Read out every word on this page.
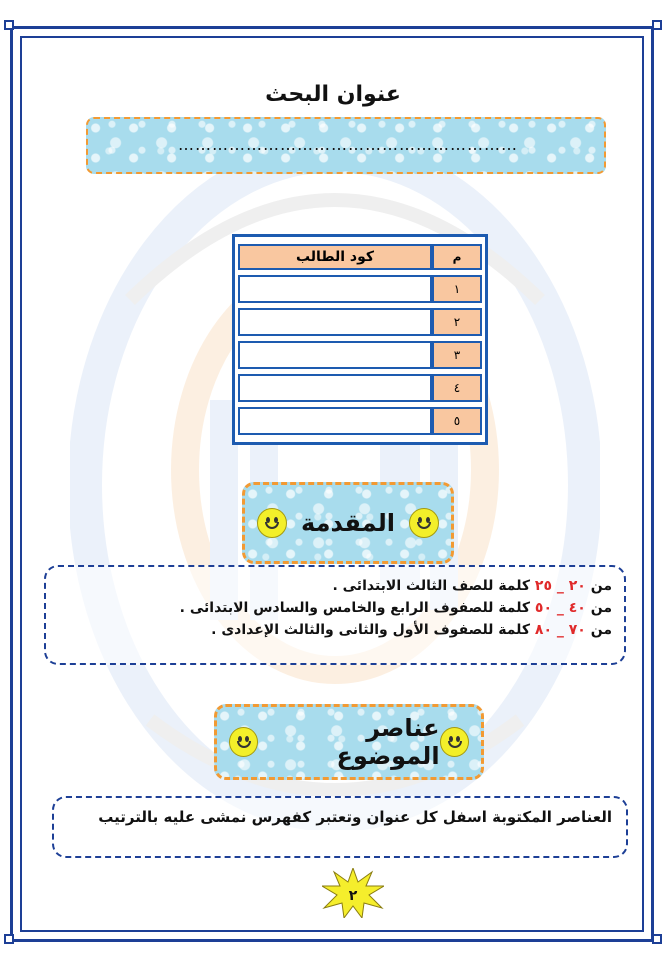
عنوان البحث
……………………………………………………
م	كود الطالب
١	
٢	
٣	
٤	
٥	
المقدمة
من ٢٠ _ ٢٥ كلمة للصف الثالث الابتدائى .
من ٤٠ _ ٥٠ كلمة للصفوف الرابع والخامس والسادس الابتدائى .
من ٧٠ _ ٨٠ كلمة للصفوف الأول والثانى والثالث الإعدادى .
عناصر الموضوع
العناصر المكتوبة اسفل كل عنوان وتعتبر كفهرس نمشى عليه بالترتيب
٢
